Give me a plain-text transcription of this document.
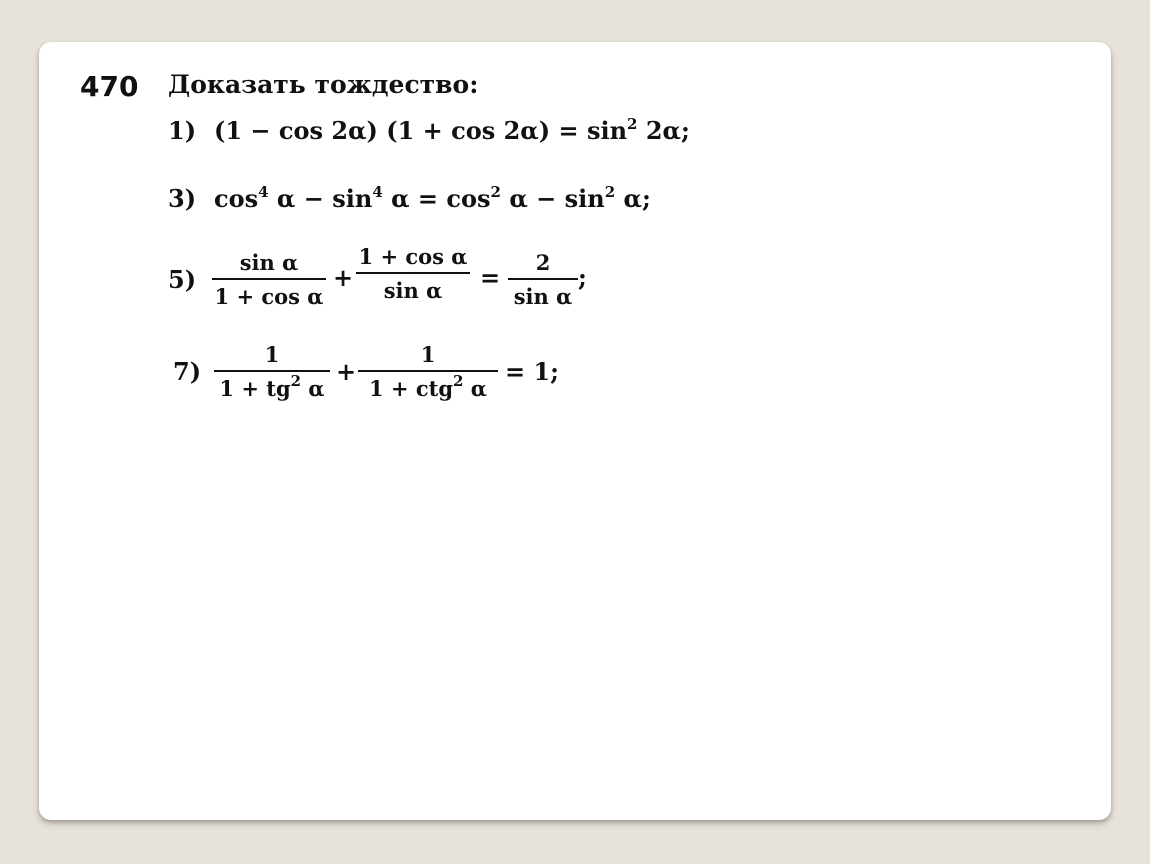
470 Доказать тождество:
1) (1 − cos 2α) $(1 + \cos 2\alpha) = \sin^2 2\alpha$;
3) $\cos^4 \alpha - \sin^4 \alpha = \cos^2 \alpha - \sin^2 \alpha$;
5)
sin α
1 + cos α
+
1 + cos α
sin α	=
2
sin α
;
7)
1
$1 + tg^2$ α
+
1
1 + ctg$^2$ α
= 1;
